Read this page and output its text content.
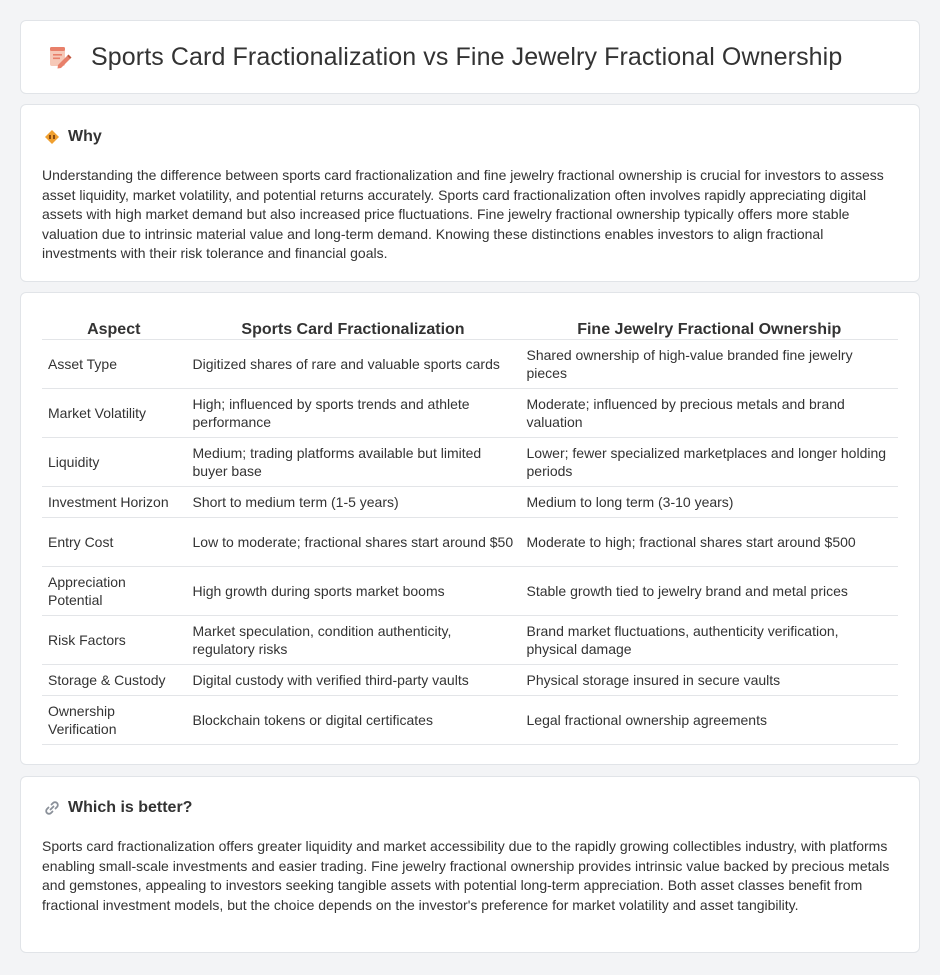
Sports Card Fractionalization vs Fine Jewelry Fractional Ownership
Why

Understanding the difference between sports card fractionalization and fine jewelry fractional ownership is crucial for investors to assess asset liquidity, market volatility, and potential returns accurately. Sports card fractionalization often involves rapidly appreciating digital assets with high market demand but also increased price fluctuations. Fine jewelry fractional ownership typically offers more stable valuation due to intrinsic material value and long-term demand. Knowing these distinctions enables investors to align fractional investments with their risk tolerance and financial goals.

Aspect	Sports Card Fractionalization	Fine Jewelry Fractional Ownership
Asset Type	Digitized shares of rare and valuable sports cards	Shared ownership of high-value branded fine jewelry pieces
Market Volatility	High; influenced by sports trends and athlete performance	Moderate; influenced by precious metals and brand valuation
Liquidity	Medium; trading platforms available but limited buyer base	Lower; fewer specialized marketplaces and longer holding periods
Investment Horizon	Short to medium term (1-5 years)	Medium to long term (3-10 years)
Entry Cost	Low to moderate; fractional shares start around $50	Moderate to high; fractional shares start around $500
Appreciation Potential	High growth during sports market booms	Stable growth tied to jewelry brand and metal prices
Risk Factors	Market speculation, condition authenticity, regulatory risks	Brand market fluctuations, authenticity verification, physical damage
Storage & Custody	Digital custody with verified third-party vaults	Physical storage insured in secure vaults
Ownership Verification	Blockchain tokens or digital certificates	Legal fractional ownership agreements
Which is better?

Sports card fractionalization offers greater liquidity and market accessibility due to the rapidly growing collectibles industry, with platforms enabling small-scale investments and easier trading. Fine jewelry fractional ownership provides intrinsic value backed by precious metals and gemstones, appealing to investors seeking tangible assets with potential long-term appreciation. Both asset classes benefit from fractional investment models, but the choice depends on the investor's preference for market volatility and asset tangibility.
